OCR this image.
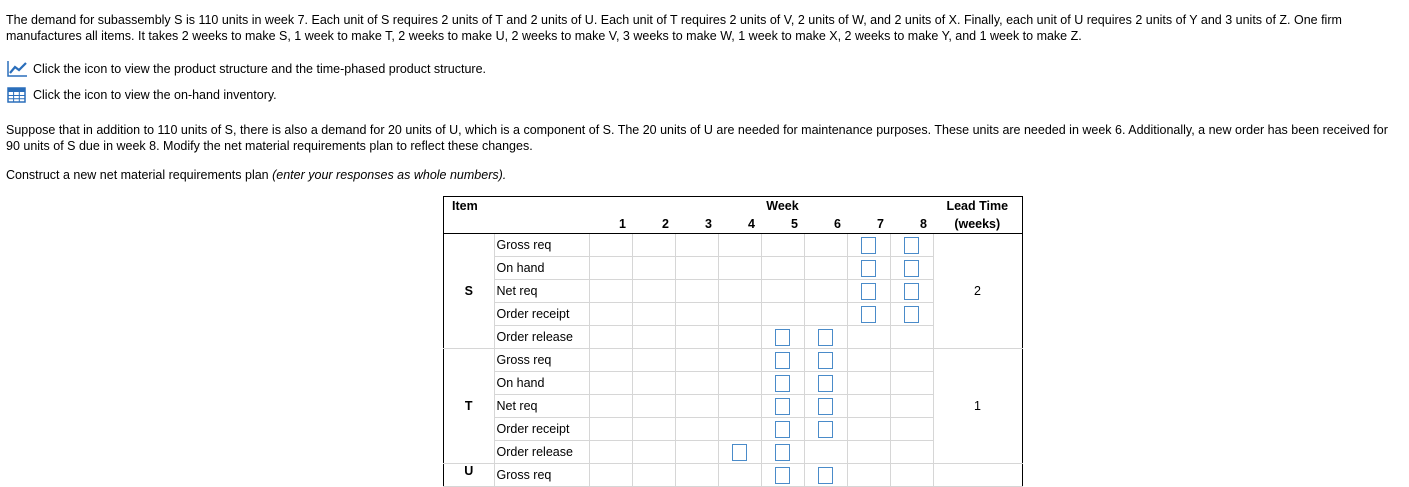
The demand for subassembly S is 110 units in week 7. Each unit of S requires 2 units of T and 2 units of U. Each unit of T requires 2 units of V, 2 units of W, and 2 units of X. Finally, each unit of U requires 2 units of Y and 3 units of Z. One firm manufactures all items. It takes 2 weeks to make S, 1 week to make T, 2 weeks to make U, 2 weeks to make V, 3 weeks to make W, 1 week to make X, 2 weeks to make Y, and 1 week to make Z.

Click the icon to view the product structure and the time-phased product structure.
Click the icon to view the on-hand inventory.

Suppose that in addition to 110 units of S, there is also a demand for 20 units of U, which is a component of S. The 20 units of U are needed for maintenance purposes. These units are needed in week 6. Additionally, a new order has been received for 90 units of S due in week 8. Modify the net material requirements plan to reflect these changes.

Construct a new net material requirements plan (enter your responses as whole numbers).

Item						Week				Lead Time
		1	2	3	4	5	6	7	8	(weeks)
S	Gross req									2
	On hand									
	Net req									
	Order receipt									
	Order release									
T	Gross req									1
	On hand									
	Net req									
	Order receipt									
	Order release									
U	Gross req									
